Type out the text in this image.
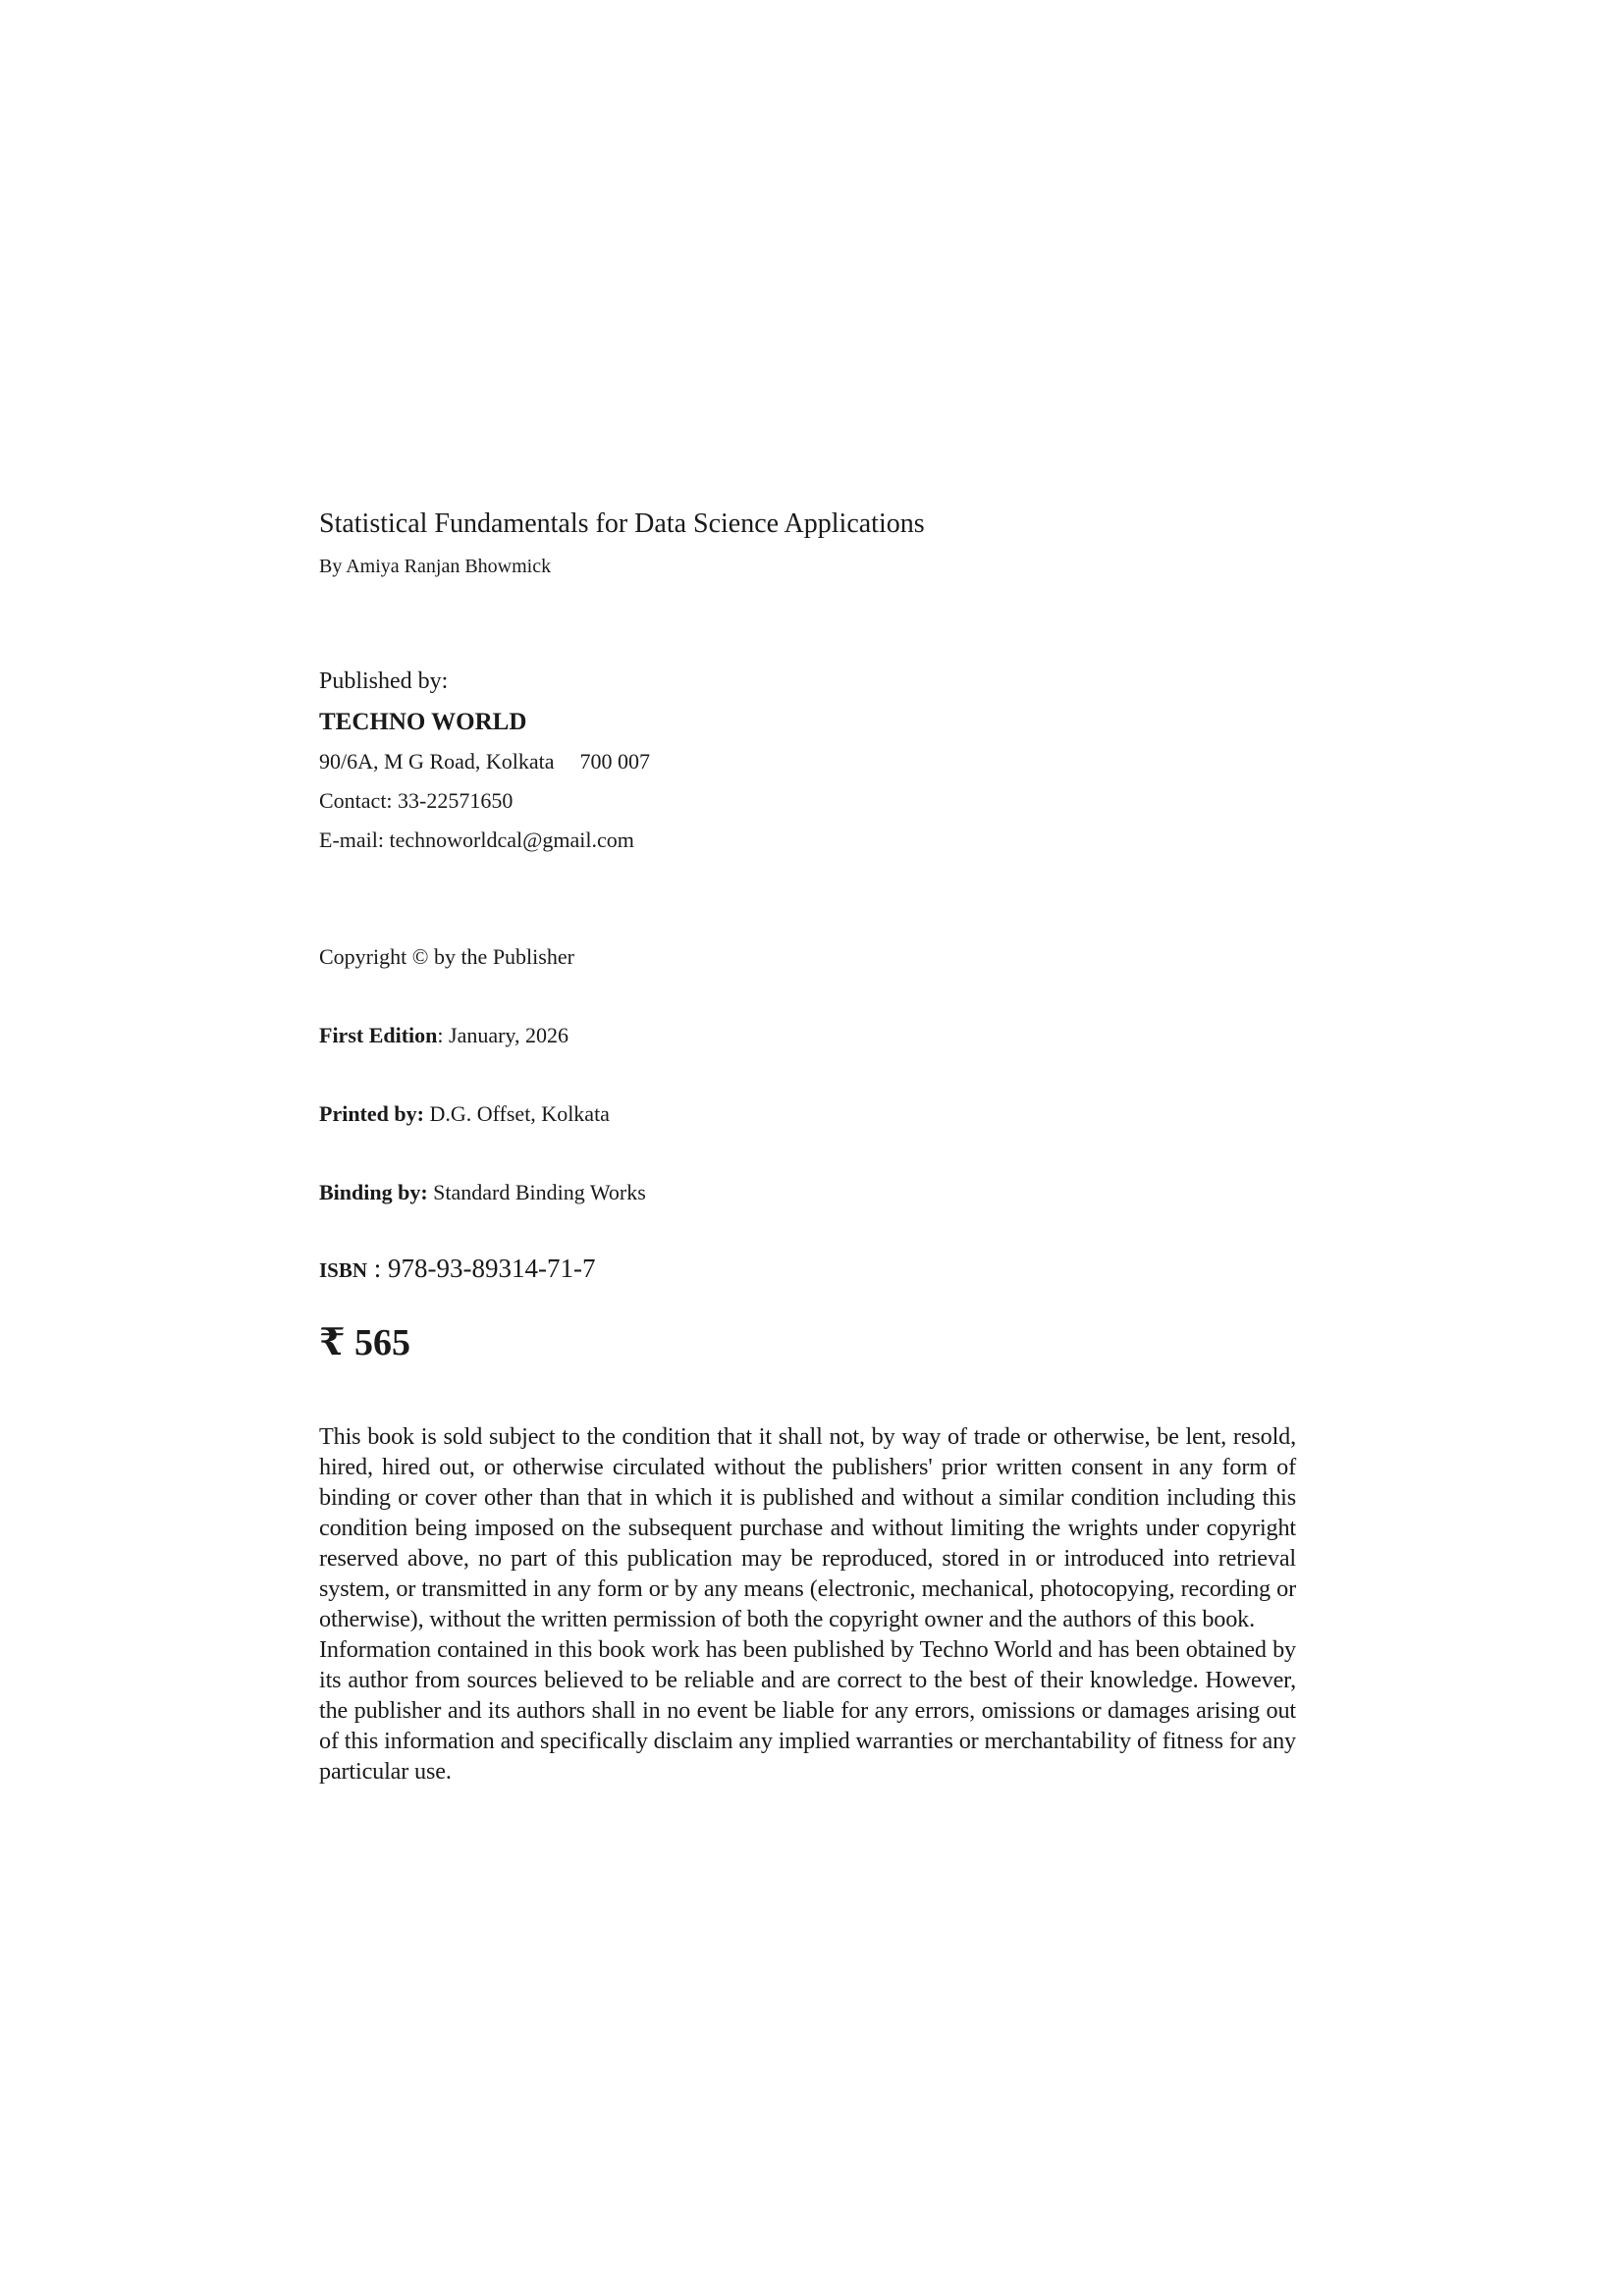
Statistical Fundamentals for Data Science Applications
By Amiya Ranjan Bhowmick
Published by:
TECHNO WORLD
90/6A, M G Road, Kolkata 700 007
Contact: 33-22571650
E-mail: technoworldcal@gmail.com
Copyright © by the Publisher
First Edition: January, 2026
Printed by: D.G. Offset, Kolkata
Binding by: Standard Binding Works
ISBN : 978-93-89314-71-7
₹ 565

This book is sold subject to the condition that it shall not, by way of trade or otherwise, be lent, resold, hired, hired out, or otherwise circulated without the publishers' prior written consent in any form of binding or cover other than that in which it is published and without a similar condition including this condition being imposed on the subsequent purchase and without limiting the wrights under copyright reserved above, no part of this publication may be reproduced, stored in or introduced into retrieval system, or transmitted in any form or by any means (electronic, mechanical, photocopying, recording or otherwise), without the written permission of both the copyright owner and the authors of this book.

Information contained in this book work has been published by Techno World and has been obtained by its author from sources believed to be reliable and are correct to the best of their knowledge. However, the publisher and its authors shall in no event be liable for any errors, omissions or damages arising out of this information and specifically disclaim any implied warranties or merchantability of fitness for any particular use.
